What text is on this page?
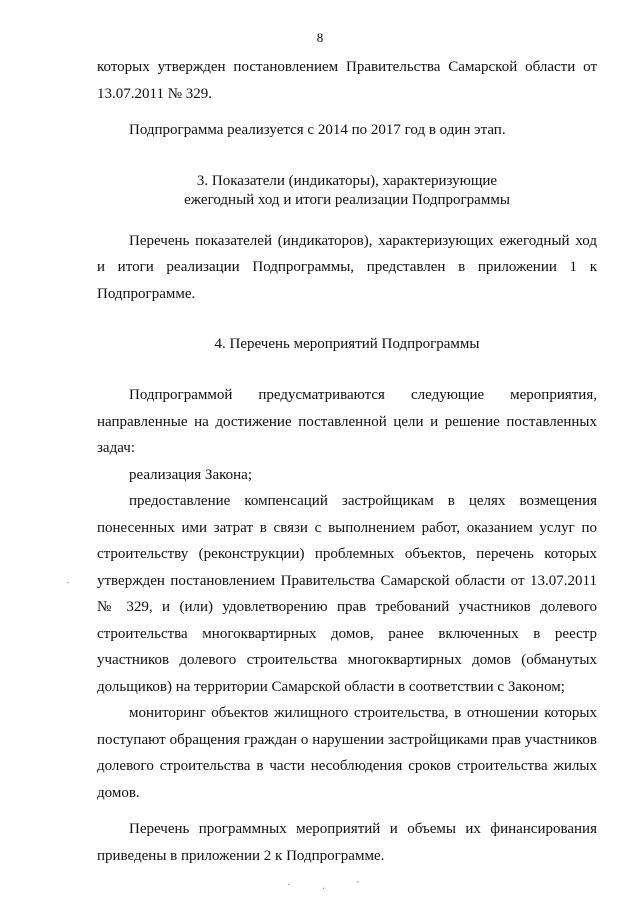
8

которых утвержден постановлением Правительства Самарской области от 13.07.2011 № 329.

Подпрограмма реализуется с 2014 по 2017 год в один этап.

3. Показатели (индикаторы), характеризующие

ежегодный ход и итоги реализации Подпрограммы

Перечень показателей (индикаторов), характеризующих ежегодный ход и итоги реализации Подпрограммы, представлен в приложении 1 к Подпрограмме.

4. Перечень мероприятий Подпрограммы

Подпрограммой предусматриваются следующие мероприятия, направленные на достижение поставленной цели и решение поставленных задач:

реализация Закона;

предоставление компенсаций застройщикам в целях возмещения понесенных ими затрат в связи с выполнением работ, оказанием услуг по строительству (реконструкции) проблемных объектов, перечень которых утвержден постановлением Правительства Самарской области от 13.07.2011 № 329, и (или) удовлетворению прав требований участников долевого строительства многоквартирных домов, ранее включенных в реестр участников долевого строительства многоквартирных домов (обманутых дольщиков) на территории Самарской области в соответствии с Законом;

мониторинг объектов жилищного строительства, в отношении которых поступают обращения граждан о нарушении застройщиками прав участников долевого строительства в части несоблюдения сроков строительства жилых домов.

Перечень программных мероприятий и объемы их финансирования приведены в приложении 2 к Подпрограмме.

·
·	·	'
